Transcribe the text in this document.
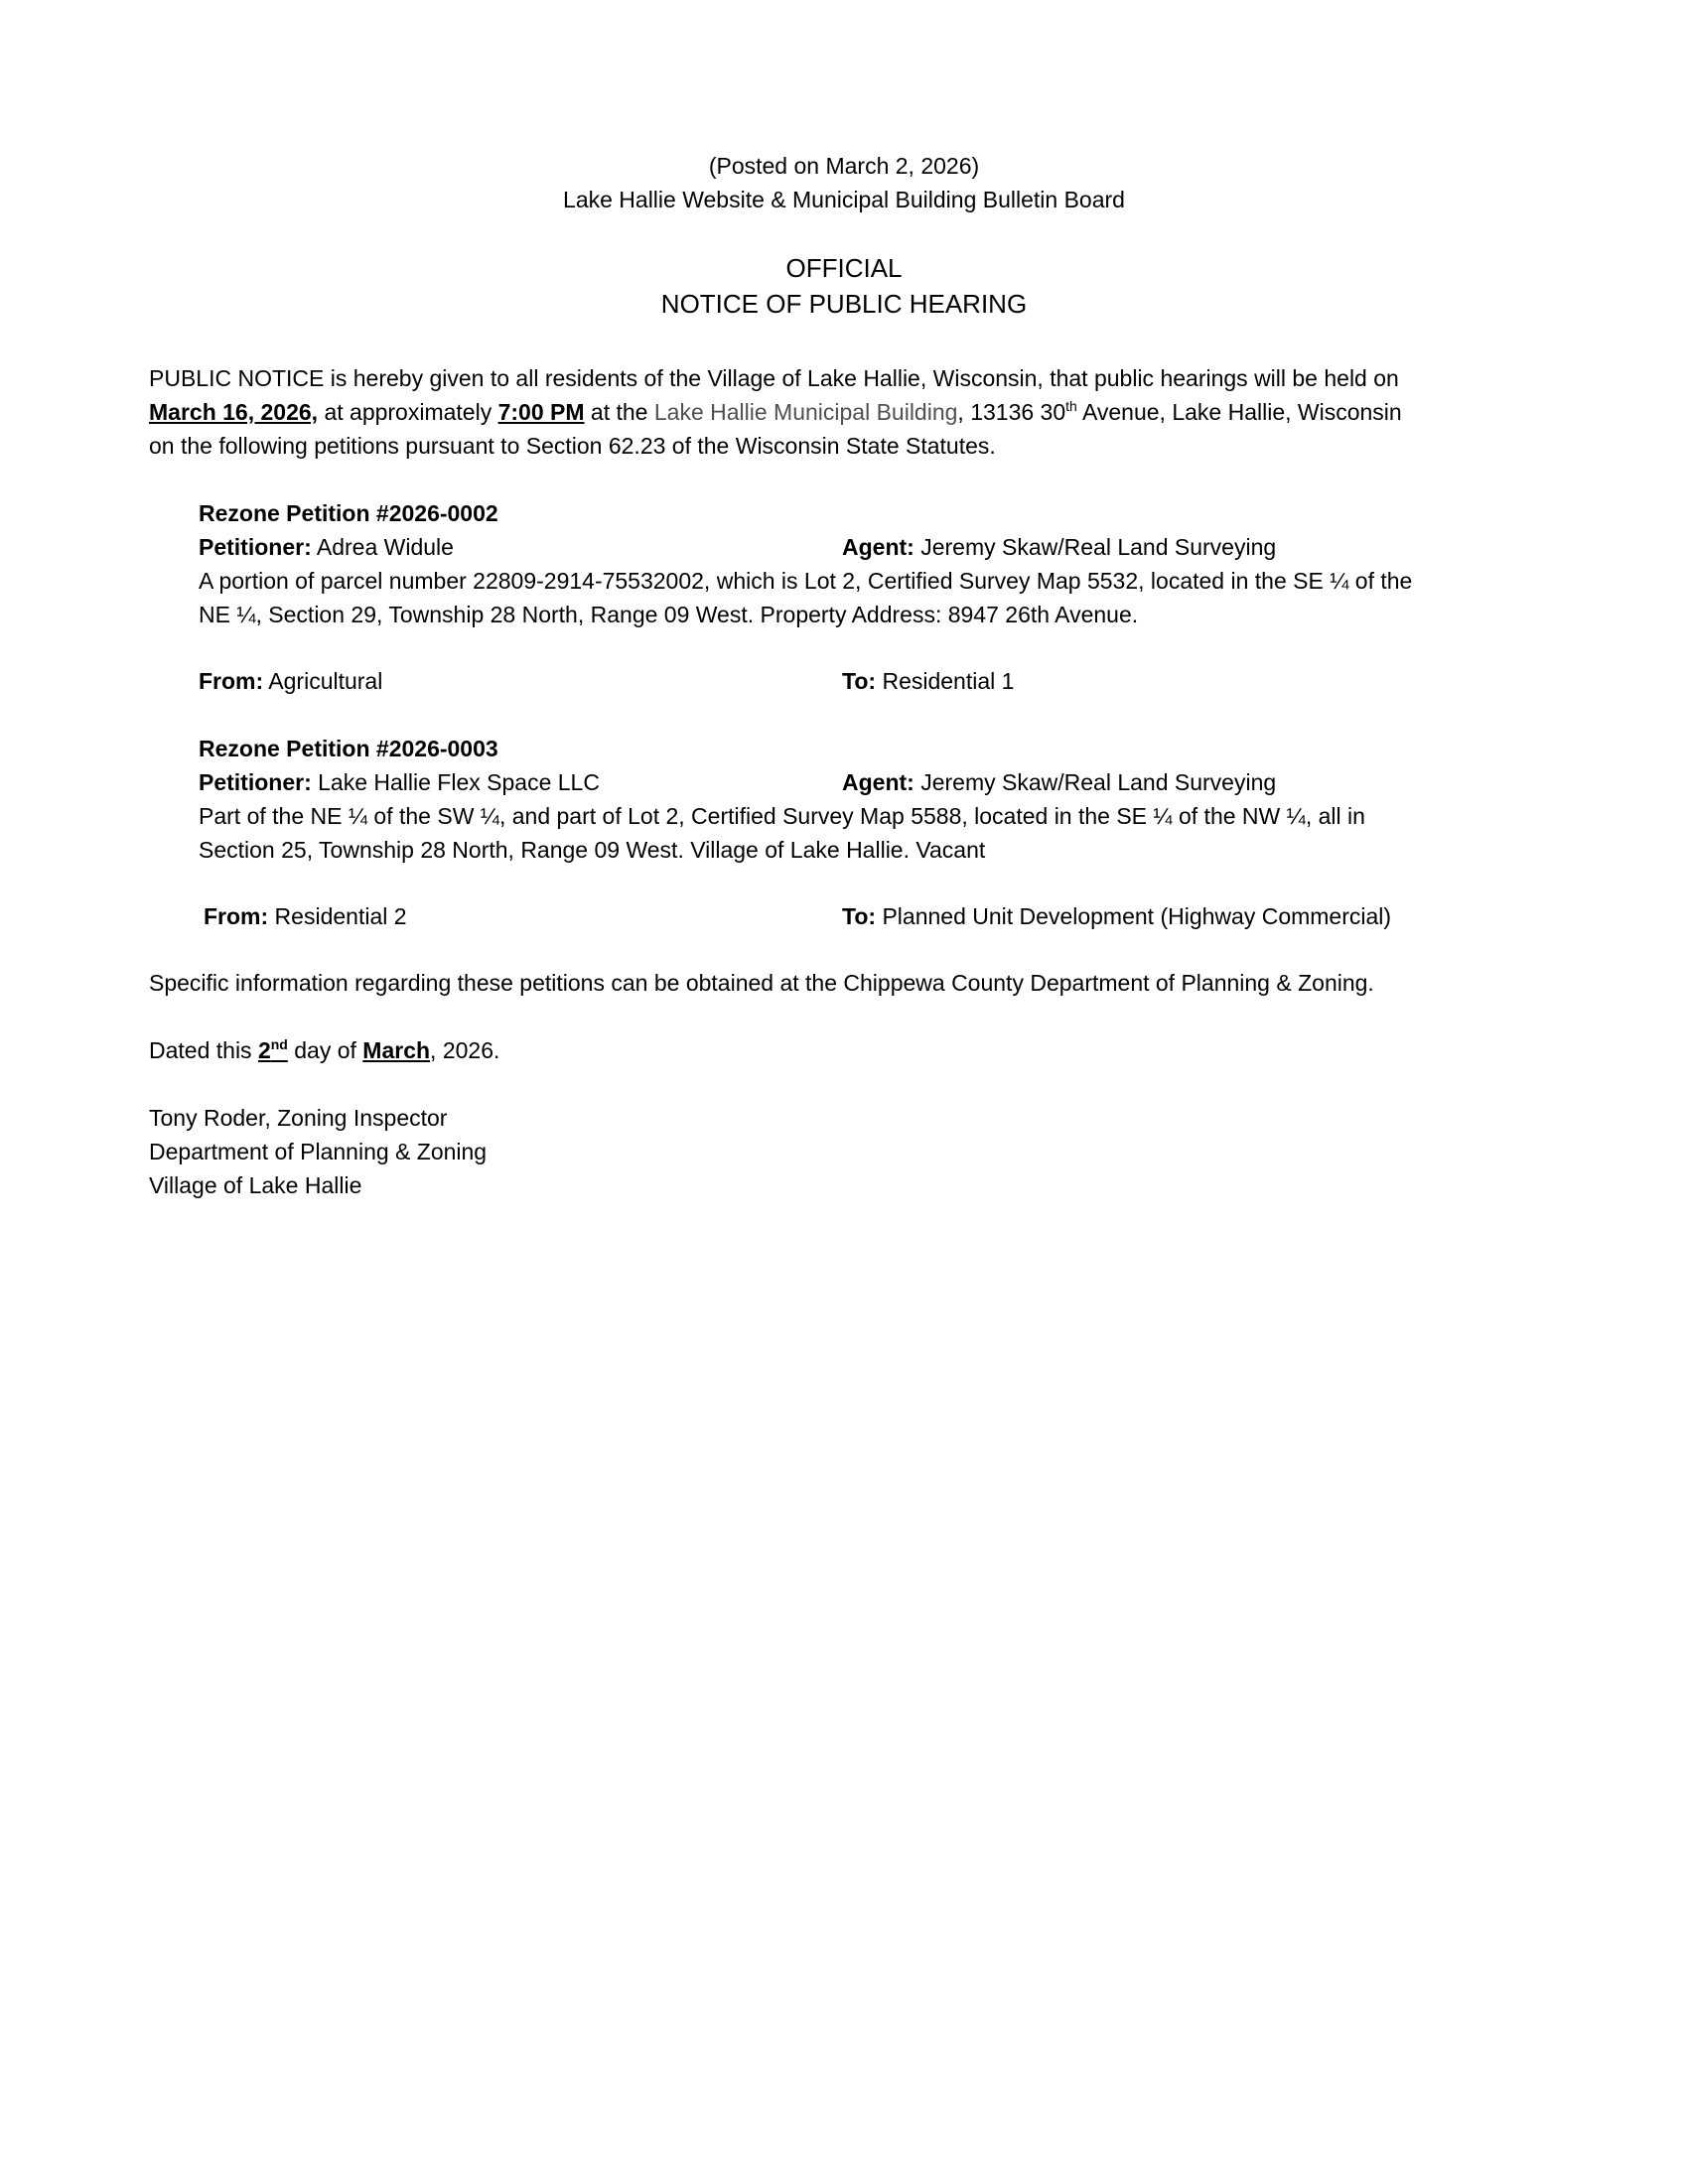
(Posted on March 2, 2026)
Lake Hallie Website & Municipal Building Bulletin Board
OFFICIAL
NOTICE OF PUBLIC HEARING
PUBLIC NOTICE is hereby given to all residents of the Village of Lake Hallie, Wisconsin, that public hearings will be held on
March 16, 2026, at approximately 7:00 PM at the Lake Hallie Municipal Building, 13136 30th Avenue, Lake Hallie, Wisconsin
on the following petitions pursuant to Section 62.23 of the Wisconsin State Statutes.
Rezone Petition #2026-0002
Petitioner: Adrea Widule	Agent: Jeremy Skaw/Real Land Surveying
A portion of parcel number 22809-2914-75532002, which is Lot 2, Certified Survey Map 5532, located in the SE ¼ of the
NE ¼, Section 29, Township 28 North, Range 09 West. Property Address: 8947 26th Avenue.
From: Agricultural	To: Residential 1
Rezone Petition #2026-0003
Petitioner: Lake Hallie Flex Space LLC	Agent: Jeremy Skaw/Real Land Surveying
Part of the NE ¼ of the SW ¼, and part of Lot 2, Certified Survey Map 5588, located in the SE ¼ of the NW ¼, all in
Section 25, Township 28 North, Range 09 West. Village of Lake Hallie. Vacant
From: Residential 2	To: Planned Unit Development (Highway Commercial)
Specific information regarding these petitions can be obtained at the Chippewa County Department of Planning & Zoning.
Dated this 2nd day of March, 2026.
Tony Roder, Zoning Inspector
Department of Planning & Zoning
Village of Lake Hallie
